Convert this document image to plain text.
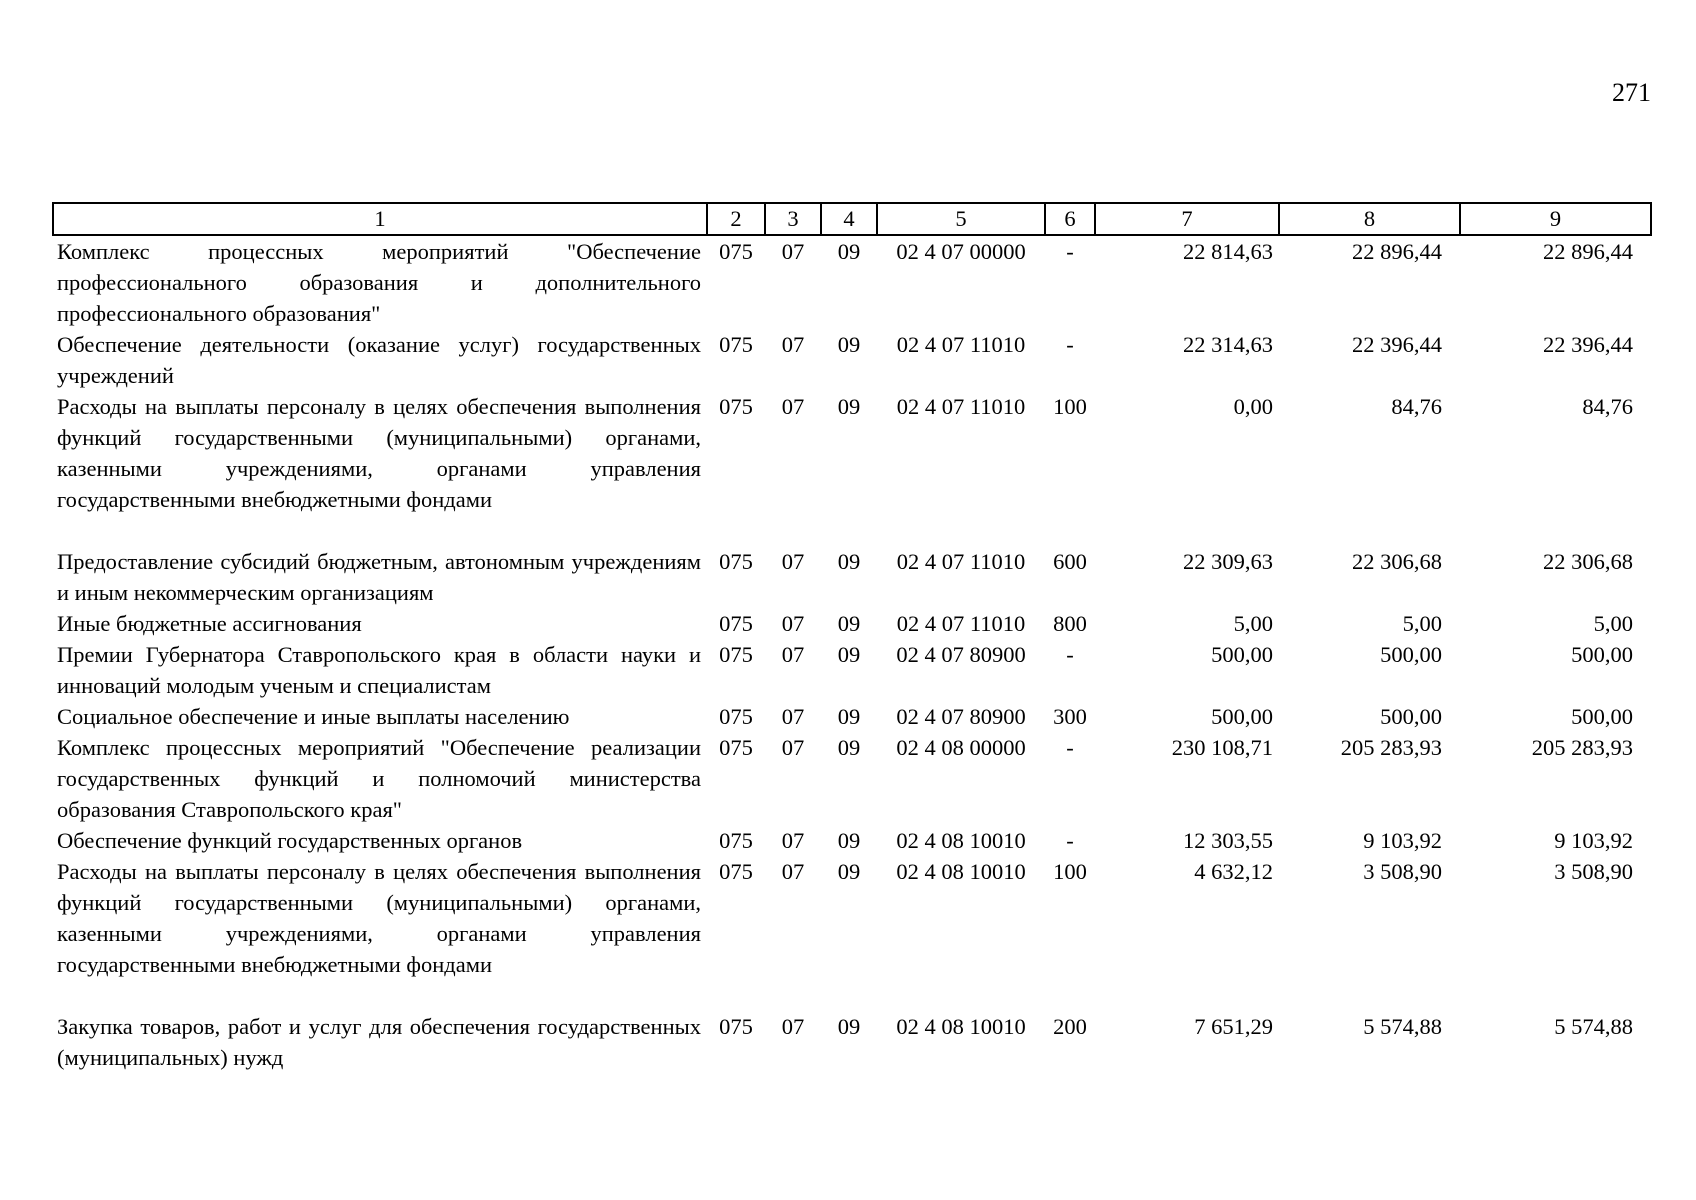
271
1	2	3	4	5	6	7	8	9
Комплекс процессных мероприятий "Обеспечение профессионального образования и дополнительного профессионального образования"	075	07	09	02 4 07 00000	-	22 814,63	22 896,44	22 896,44
Обеспечение деятельности (оказание услуг) государственных учреждений	075	07	09	02 4 07 11010	-	22 314,63	22 396,44	22 396,44
Расходы на выплаты персоналу в целях обеспечения выполнения функций государственными (муниципальными) органами, казенными учреждениями, органами управления государственными внебюджетными фондами	075	07	09	02 4 07 11010	100	0,00	84,76	84,76
Предоставление субсидий бюджетным, автономным учреждениям и иным некоммерческим организациям	075	07	09	02 4 07 11010	600	22 309,63	22 306,68	22 306,68
Иные бюджетные ассигнования	075	07	09	02 4 07 11010	800	5,00	5,00	5,00
Премии Губернатора Ставропольского края в области науки и инноваций молодым ученым и специалистам	075	07	09	02 4 07 80900	-	500,00	500,00	500,00
Социальное обеспечение и иные выплаты населению	075	07	09	02 4 07 80900	300	500,00	500,00	500,00
Комплекс процессных мероприятий "Обеспечение реализации государственных функций и полномочий министерства образования Ставропольского края"	075	07	09	02 4 08 00000	-	230 108,71	205 283,93	205 283,93
Обеспечение функций государственных органов	075	07	09	02 4 08 10010	-	12 303,55	9 103,92	9 103,92
Расходы на выплаты персоналу в целях обеспечения выполнения функций государственными (муниципальными) органами, казенными учреждениями, органами управления государственными внебюджетными фондами	075	07	09	02 4 08 10010	100	4 632,12	3 508,90	3 508,90
Закупка товаров, работ и услуг для обеспечения государственных (муниципальных) нужд	075	07	09	02 4 08 10010	200	7 651,29	5 574,88	5 574,88
